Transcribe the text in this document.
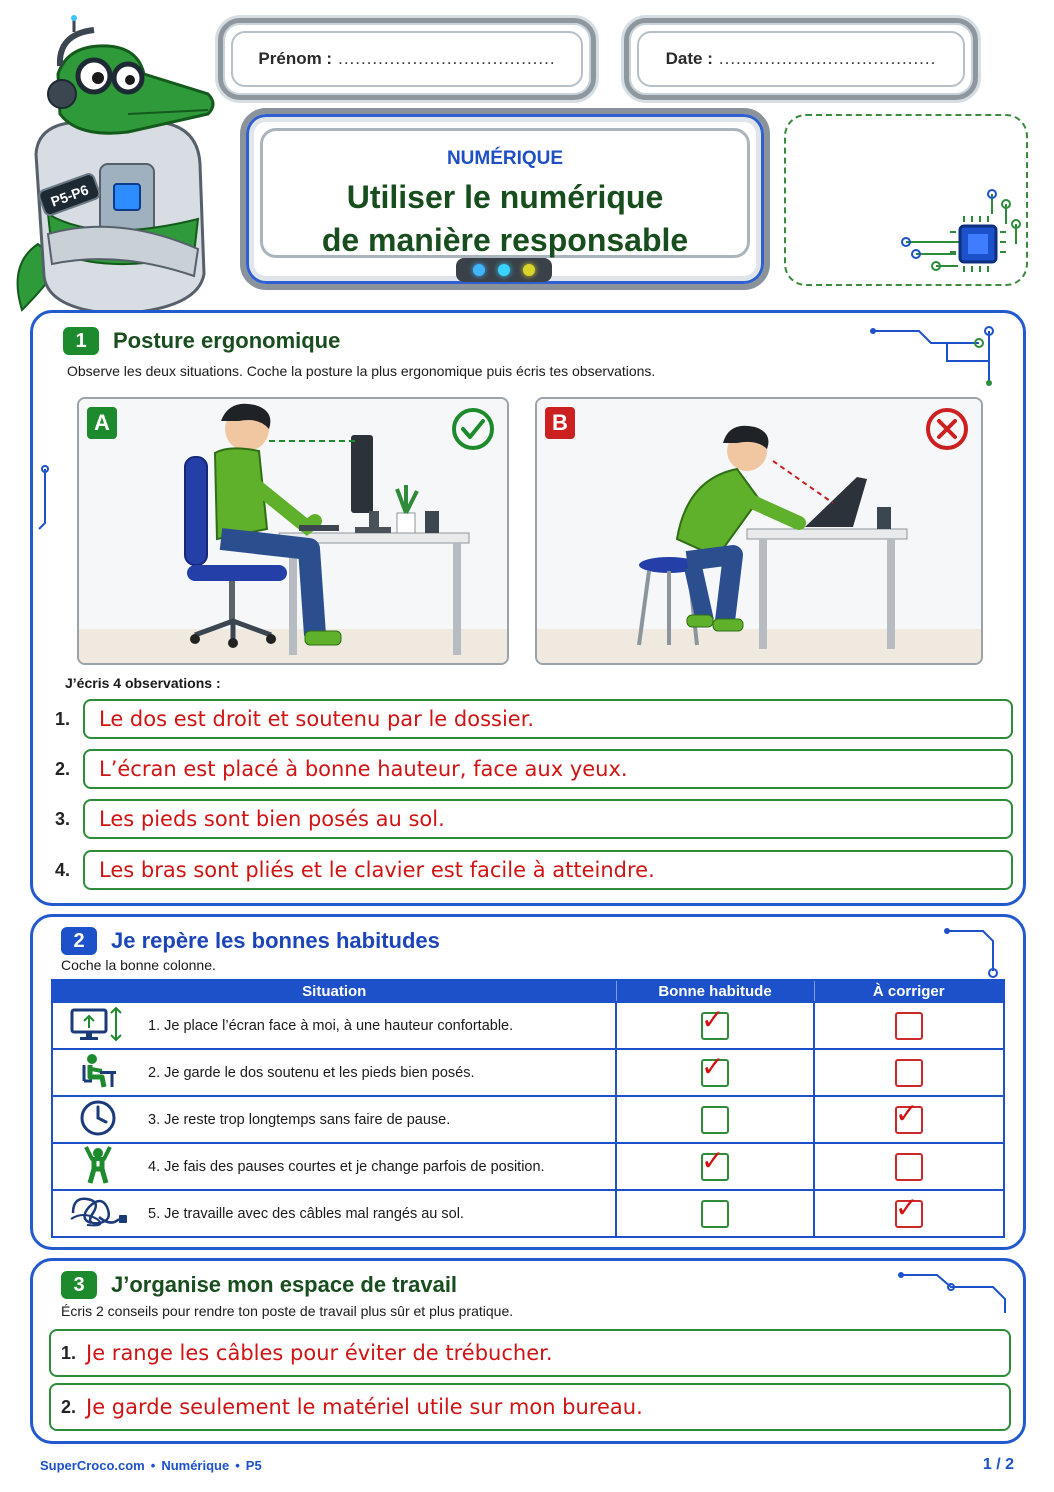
P5-P6
Prénom : ......................................	Date : ......................................
NUMÉRIQUE
Utiliser le numérique
de manière responsable
1	Posture ergonomique
Observe les deux situations. Coche la posture la plus ergonomique puis écris tes observations.
A	B
J’écris 4 observations :
1.	Le dos est droit et soutenu par le dossier.
2.	L’écran est placé à bonne hauteur, face aux yeux.
3.	Les pieds sont bien posés au sol.
4.	Les bras sont pliés et le clavier est facile à atteindre.
2	Je repère les bonnes habitudes
Coche la bonne colonne.
Situation		Bonne habitude	À corriger
	1. Je place l’écran face à moi, à une hauteur confortable.	✓	

	2. Je garde le dos soutenu et les pieds bien posés.	✓	

	3. Je reste trop longtemps sans faire de pause.		✓

	4. Je fais des pauses courtes et je change parfois de position.	✓	

	5. Je travaille avec des câbles mal rangés au sol.		✓
3	J’organise mon espace de travail
Écris 2 conseils pour rendre ton poste de travail plus sûr et plus pratique.
1. Je range les câbles pour éviter de trébucher.
2. Je garde seulement le matériel utile sur mon bureau.
SuperCroco.com • Numérique • P5	1 / 2
